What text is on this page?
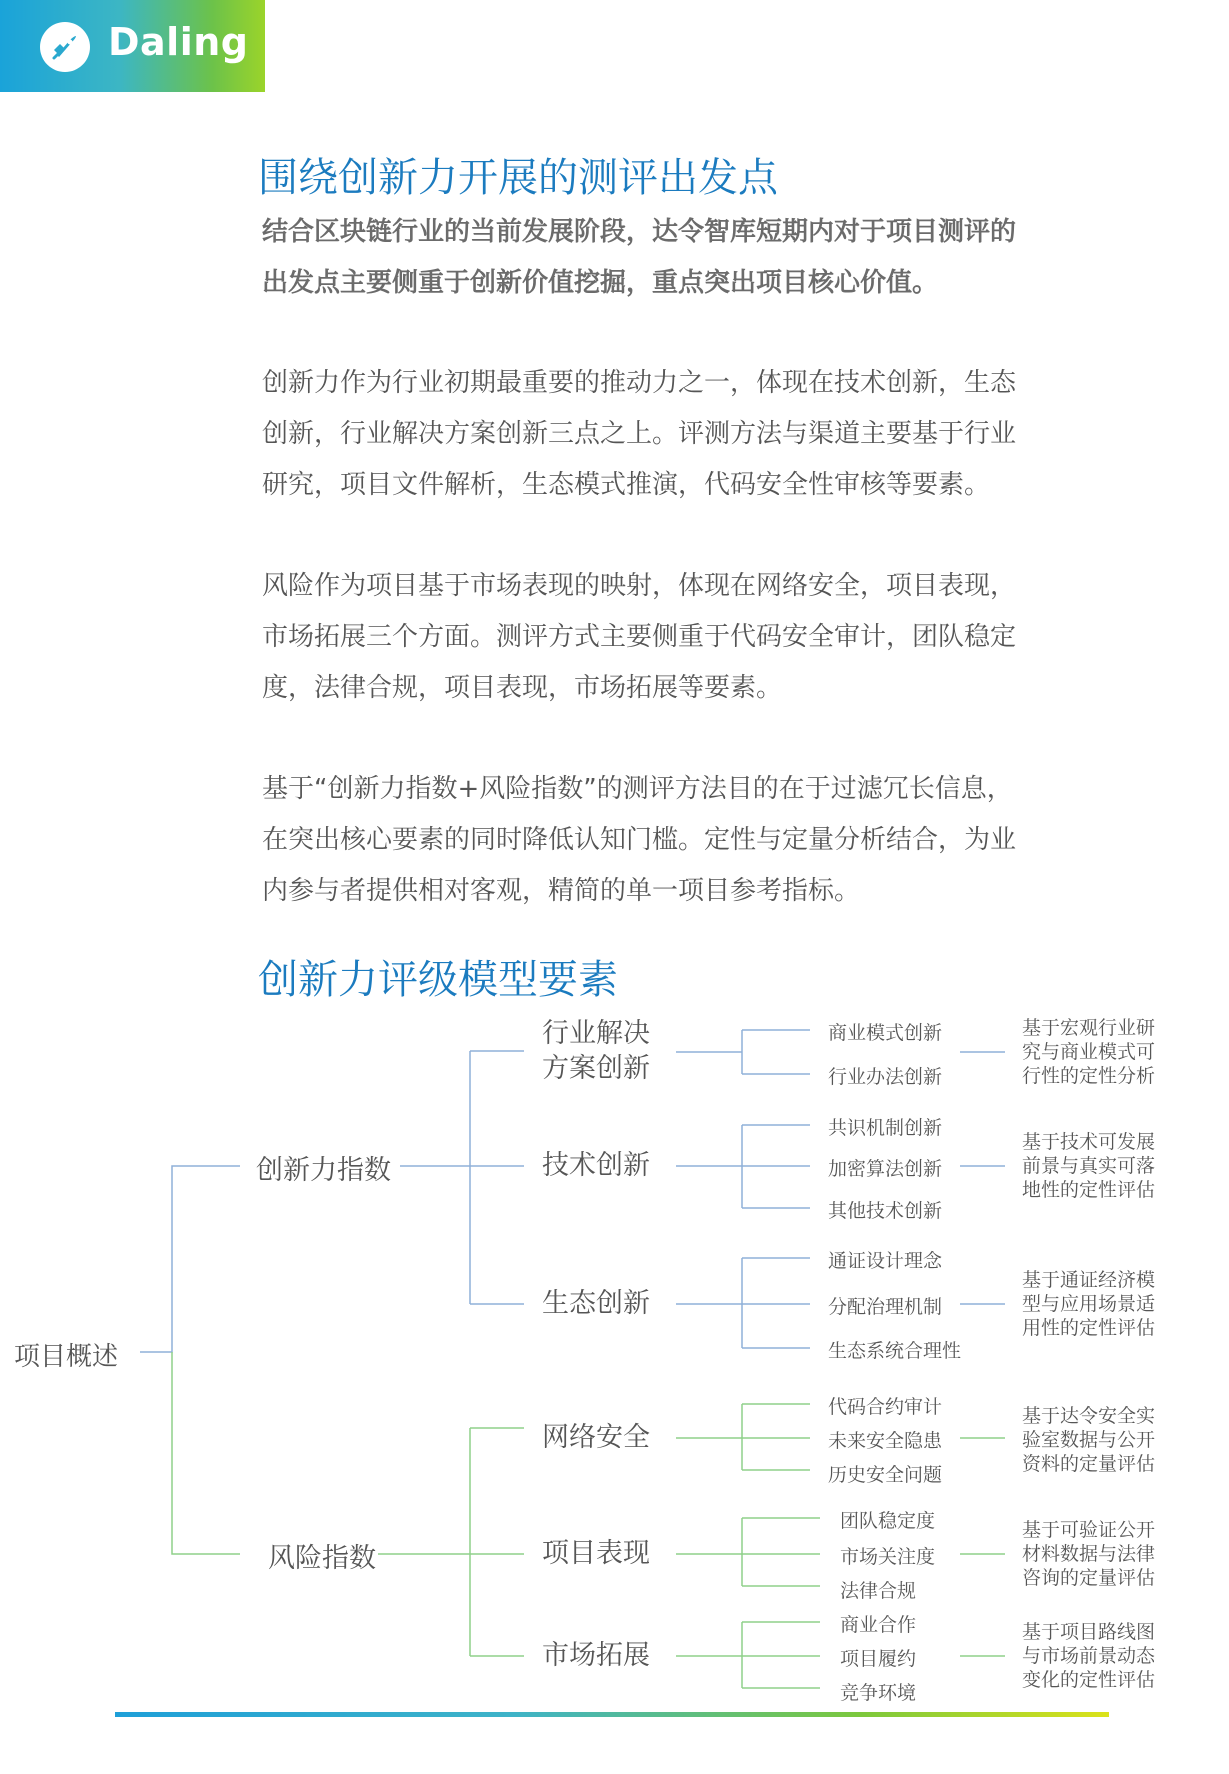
Daling
围绕创新力开展的测评出发点
结合区块链行业的当前发展阶段，达令智库短期内对于项目测评的
出发点主要侧重于创新价值挖掘，重点突出项目核心价值。
创新力作为行业初期最重要的推动力之一，体现在技术创新，生态
创新，行业解决方案创新三点之上。评测方法与渠道主要基于行业
研究，项目文件解析，生态模式推演，代码安全性审核等要素。
风险作为项目基于市场表现的映射，体现在网络安全，项目表现，
市场拓展三个方面。测评方式主要侧重于代码安全审计，团队稳定
度，法律合规，项目表现，市场拓展等要素。
基于“创新力指数+风险指数”的测评方法目的在于过滤冗长信息，
在突出核心要素的同时降低认知门槛。定性与定量分析结合，为业
内参与者提供相对客观，精简的单一项目参考指标。
创新力评级模型要素
项目概述
创新力指数
风险指数
行业解决
方案创新
技术创新
生态创新
网络安全
项目表现
市场拓展
商业模式创新
行业办法创新
共识机制创新
加密算法创新
其他技术创新
通证设计理念
分配治理机制
生态系统合理性
代码合约审计
未来安全隐患
历史安全问题
团队稳定度
市场关注度
法律合规
商业合作
项目履约
竞争环境
基于宏观行业研
究与商业模式可
行性的定性分析
基于技术可发展
前景与真实可落
地性的定性评估
基于通证经济模
型与应用场景适
用性的定性评估
基于达令安全实
验室数据与公开
资料的定量评估
基于可验证公开
材料数据与法律
咨询的定量评估
基于项目路线图
与市场前景动态
变化的定性评估
